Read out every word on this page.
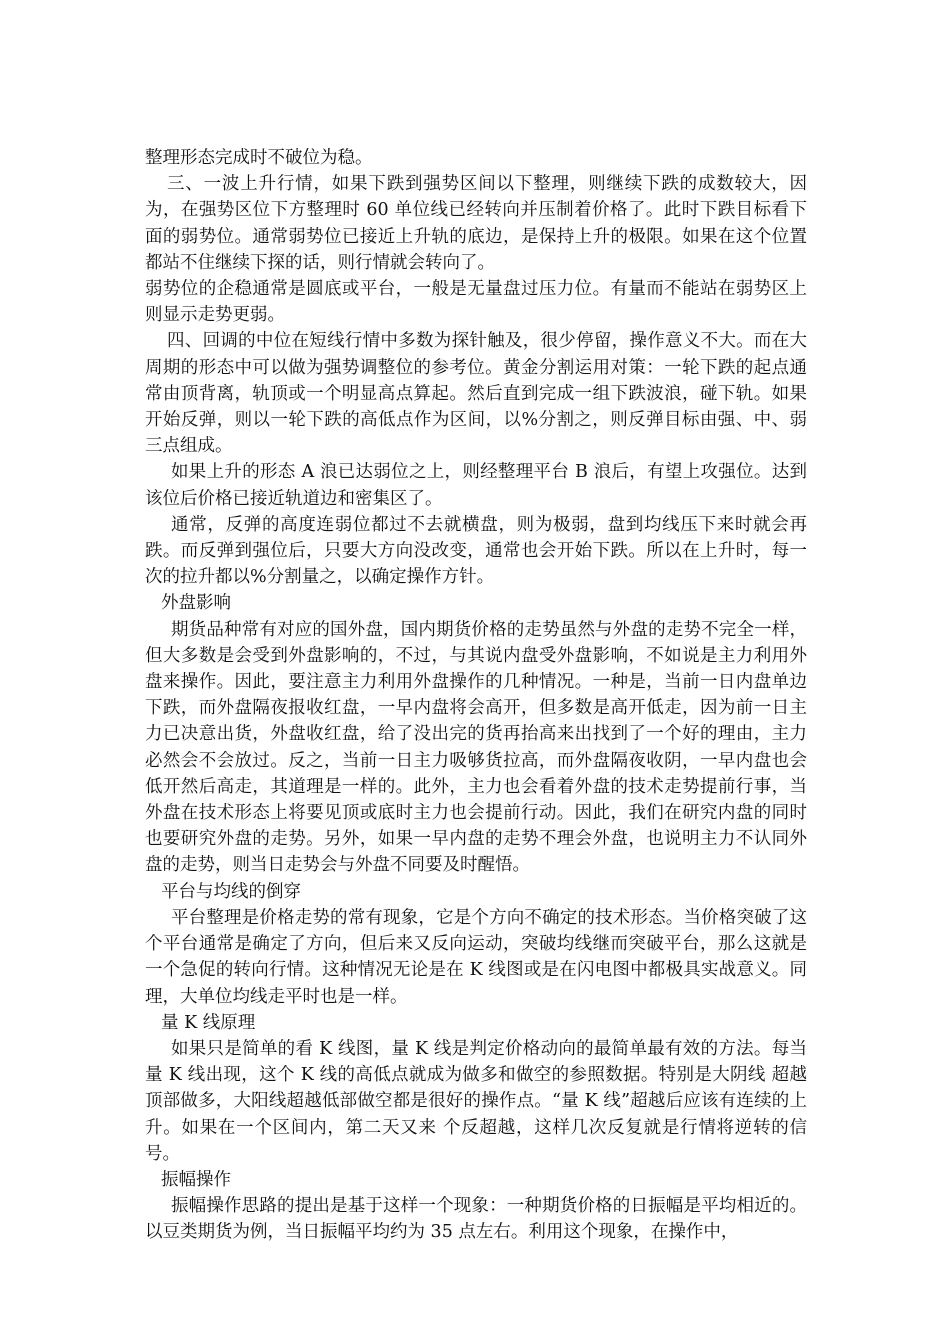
整理形态完成时不破位为稳。

三、一波上升行情，如果下跌到强势区间以下整理，则继续下跌的成数较大，因为，在强势区位下方整理时 60 单位线已经转向并压制着价格了。此时下跌目标看下面的弱势位。通常弱势位已接近上升轨的底边，是保持上升的极限。如果在这个位置都站不住继续下探的话，则行情就会转向了。

弱势位的企稳通常是圆底或平台，一般是无量盘过压力位。有量而不能站在弱势区上则显示走势更弱。

四、回调的中位在短线行情中多数为探针触及，很少停留，操作意义不大。而在大周期的形态中可以做为强势调整位的参考位。黄金分割运用对策：一轮下跌的起点通常由顶背离，轨顶或一个明显高点算起。然后直到完成一组下跌波浪，碰下轨。如果开始反弹，则以一轮下跌的高低点作为区间，以%分割之，则反弹目标由强、中、弱三点组成。

如果上升的形态 A 浪已达弱位之上，则经整理平台 B 浪后，有望上攻强位。达到该位后价格已接近轨道边和密集区了。

通常，反弹的高度连弱位都过不去就横盘，则为极弱，盘到均线压下来时就会再跌。而反弹到强位后，只要大方向没改变，通常也会开始下跌。所以在上升时，每一次的拉升都以%分割量之，以确定操作方针。

外盘影响

期货品种常有对应的国外盘，国内期货价格的走势虽然与外盘的走势不完全一样，但大多数是会受到外盘影响的，不过，与其说内盘受外盘影响，不如说是主力利用外盘来操作。因此，要注意主力利用外盘操作的几种情况。一种是，当前一日内盘单边下跌，而外盘隔夜报收红盘，一早内盘将会高开，但多数是高开低走，因为前一日主力已决意出货，外盘收红盘，给了没出完的货再抬高来出找到了一个好的理由，主力必然会不会放过。反之，当前一日主力吸够货拉高，而外盘隔夜收阴，一早内盘也会低开然后高走，其道理是一样的。此外，主力也会看着外盘的技术走势提前行事，当外盘在技术形态上将要见顶或底时主力也会提前行动。因此，我们在研究内盘的同时也要研究外盘的走势。另外，如果一早内盘的走势不理会外盘，也说明主力不认同外盘的走势，则当日走势会与外盘不同要及时醒悟。

平台与均线的倒穿

平台整理是价格走势的常有现象，它是个方向不确定的技术形态。当价格突破了这个平台通常是确定了方向，但后来又反向运动，突破均线继而突破平台，那么这就是一个急促的转向行情。这种情况无论是在 K 线图或是在闪电图中都极具实战意义。同理，大单位均线走平时也是一样。

量 K 线原理

如果只是简单的看 K 线图，量 K 线是判定价格动向的最简单最有效的方法。每当量 K 线出现，这个 K 线的高低点就成为做多和做空的参照数据。特别是大阴线 超越顶部做多，大阳线超越低部做空都是很好的操作点。“量 K 线”超越后应该有连续的上升。如果在一个区间内，第二天又来 个反超越，这样几次反复就是行情将逆转的信号。

振幅操作

振幅操作思路的提出是基于这样一个现象：一种期货价格的日振幅是平均相近的。以豆类期货为例，当日振幅平均约为 35 点左右。利用这个现象，在操作中，
